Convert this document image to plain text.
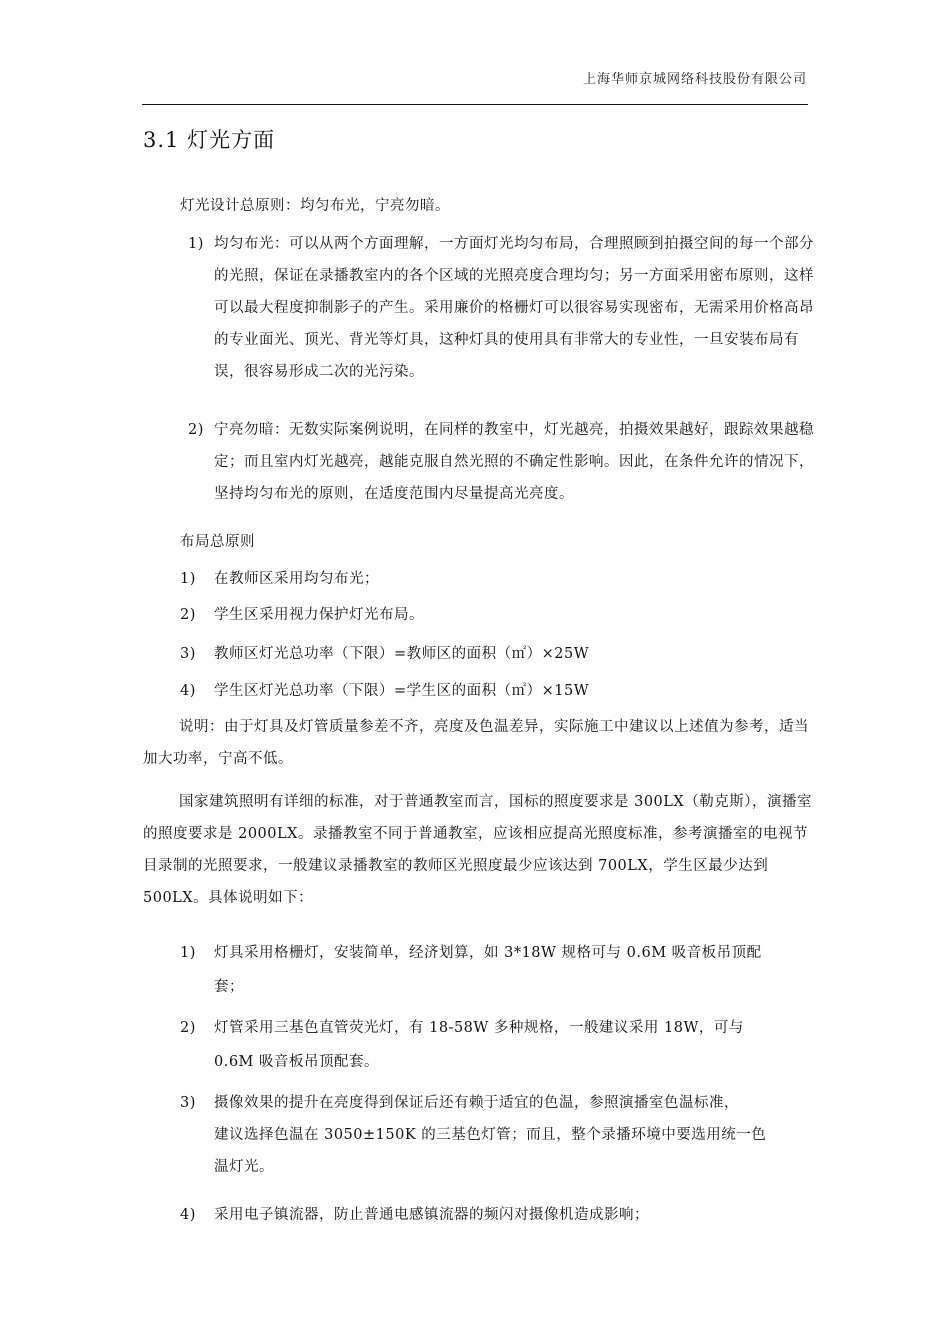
上海华师京城网络科技股份有限公司
3.1 灯光方面

灯光设计总原则：均匀布光，宁亮勿暗。

1) 均匀布光：可以从两个方面理解，一方面灯光均匀布局，合理照顾到拍摄空间的每一个部分的光照，保证在录播教室内的各个区域的光照亮度合理均匀；另一方面采用密布原则，这样可以最大程度抑制影子的产生。采用廉价的格栅灯可以很容易实现密布，无需采用价格高昂的专业面光、顶光、背光等灯具，这种灯具的使用具有非常大的专业性，一旦安装布局有误，很容易形成二次的光污染。
2) 宁亮勿暗：无数实际案例说明，在同样的教室中，灯光越亮，拍摄效果越好，跟踪效果越稳定；而且室内灯光越亮，越能克服自然光照的不确定性影响。因此，在条件允许的情况下，坚持均匀布光的原则，在适度范围内尽量提高光亮度。

布局总原则

1) 在教师区采用均匀布光；
2) 学生区采用视力保护灯光布局。
3) 教师区灯光总功率（下限）=教师区的面积（㎡）×25W
4) 学生区灯光总功率（下限）=学生区的面积（㎡）×15W

说明：由于灯具及灯管质量参差不齐，亮度及色温差异，实际施工中建议以上述值为参考，适当加大功率，宁高不低。

国家建筑照明有详细的标准，对于普通教室而言，国标的照度要求是 300LX（勒克斯），演播室的照度要求是 2000LX。录播教室不同于普通教室，应该相应提高光照度标准，参考演播室的电视节目录制的光照要求，一般建议录播教室的教师区光照度最少应该达到 700LX，学生区最少达到 500LX。具体说明如下：

1) 灯具采用格栅灯，安装简单，经济划算，如 3*18W 规格可与 0.6M 吸音板吊顶配
套；
2) 灯管采用三基色直管荧光灯，有 18-58W 多种规格，一般建议采用 18W，可与
0.6M 吸音板吊顶配套。
3) 摄像效果的提升在亮度得到保证后还有赖于适宜的色温，参照演播室色温标准，
建议选择色温在 3050±150K 的三基色灯管；而且，整个录播环境中要选用统一色
温灯光。
4) 采用电子镇流器，防止普通电感镇流器的频闪对摄像机造成影响；
